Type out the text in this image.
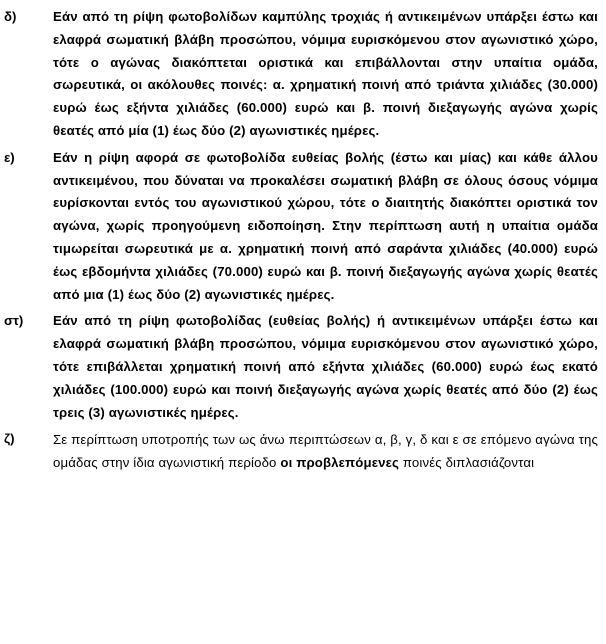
δ)	Εάν από τη ρίψη φωτοβολίδων καμπύλης τροχιάς ή αντικειμένων υπάρξει έστω και ελαφρά σωματική βλάβη προσώπου, νόμιμα ευρισκόμενου στον αγωνιστικό χώρο, τότε ο αγώνας διακόπτεται οριστικά και επιβάλλονται στην υπαίτια ομάδα, σωρευτικά, οι ακόλουθες ποινές: α. χρηματική ποινή από τριάντα χιλιάδες (30.000) ευρώ έως εξήντα χιλιάδες (60.000) ευρώ και β. ποινή διεξαγωγής αγώνα χωρίς θεατές από μία (1) έως δύο (2) αγωνιστικές ημέρες.
ε)	Εάν η ρίψη αφορά σε φωτοβολίδα ευθείας βολής (έστω και μίας) και κάθε άλλου αντικειμένου, που δύναται να προκαλέσει σωματική βλάβη σε όλους όσους νόμιμα ευρίσκονται εντός του αγωνιστικού χώρου, τότε ο διαιτητής διακόπτει οριστικά τον αγώνα, χωρίς προηγούμενη ειδοποίηση. Στην περίπτωση αυτή η υπαίτια ομάδα τιμωρείται σωρευτικά με α. χρηματική ποινή από σαράντα χιλιάδες (40.000) ευρώ έως εβδομήντα χιλιάδες (70.000) ευρώ και β. ποινή διεξαγωγής αγώνα χωρίς θεατές από μια (1) έως δύο (2) αγωνιστικές ημέρες.
στ) Εάν από τη ρίψη φωτοβολίδας (ευθείας βολής) ή αντικειμένων υπάρξει έστω και ελαφρά σωματική βλάβη προσώπου, νόμιμα ευρισκόμενου στον αγωνιστικό χώρο, τότε επιβάλλεται χρηματική ποινή από εξήντα χιλιάδες (60.000) ευρώ έως εκατό χιλιάδες (100.000) ευρώ και ποινή διεξαγωγής αγώνα χωρίς θεατές από δύο (2) έως τρεις (3) αγωνιστικές ημέρες.
ζ)	Σε περίπτωση υποτροπής των ως άνω περιπτώσεων α, β, γ, δ και ε σε επόμενο αγώνα της ομάδας στην ίδια αγωνιστική περίοδο οι προβλεπόμενες ποινές διπλασιάζονται
